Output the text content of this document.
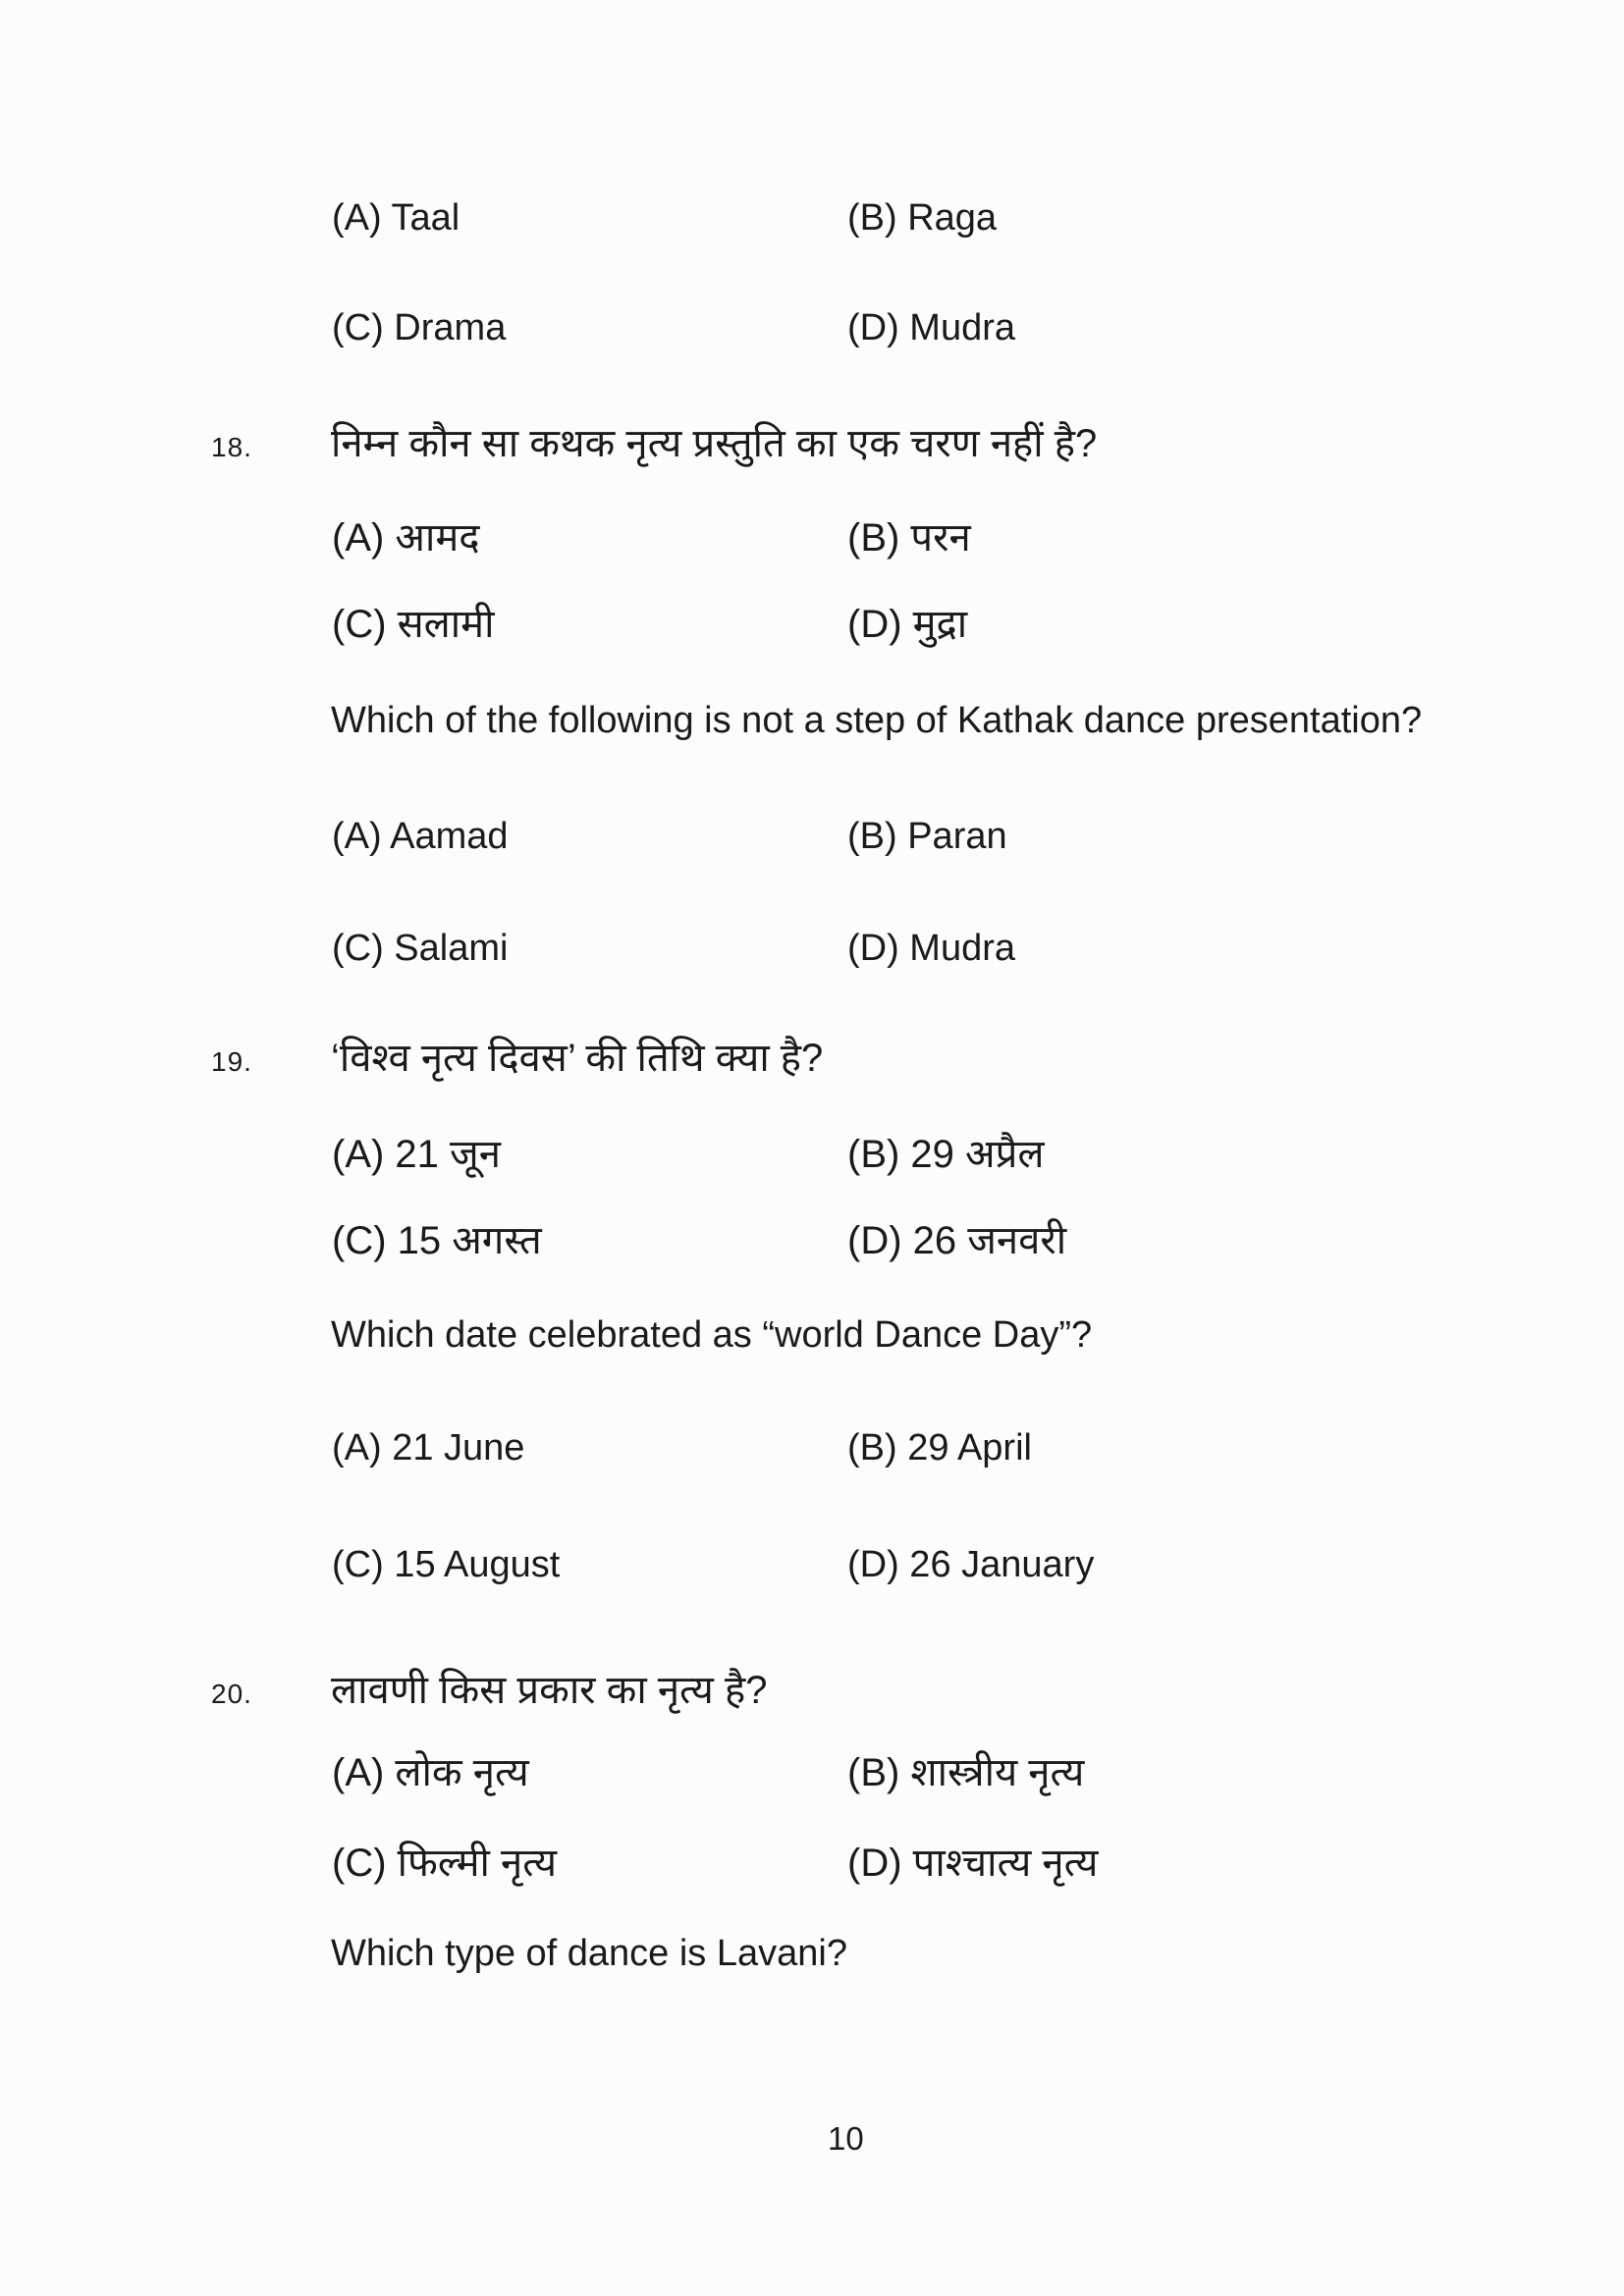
(A) Taal	(B) Raga
(C) Drama	(D) Mudra
18. निम्न कौन सा कथक नृत्य प्रस्तुति का एक चरण नहीं है?
(A) आमद	(B) परन
(C) सलामी	(D) मुद्रा
Which of the following is not a step of Kathak dance presentation?
(A) Aamad	(B) Paran
(C) Salami	(D) Mudra
19. ‘विश्व नृत्य दिवस’ की तिथि क्या है?
(A) 21 जून	(B) 29 अप्रैल
(C) 15 अगस्त	(D) 26 जनवरी
Which date celebrated as “world Dance Day”?
(A) 21 June	(B) 29 April
(C) 15 August	(D) 26 January
20. लावणी किस प्रकार का नृत्य है?
(A) लोक नृत्य	(B) शास्त्रीय नृत्य
(C) फिल्मी नृत्य	(D) पाश्चात्य नृत्य
Which type of dance is Lavani?
10
